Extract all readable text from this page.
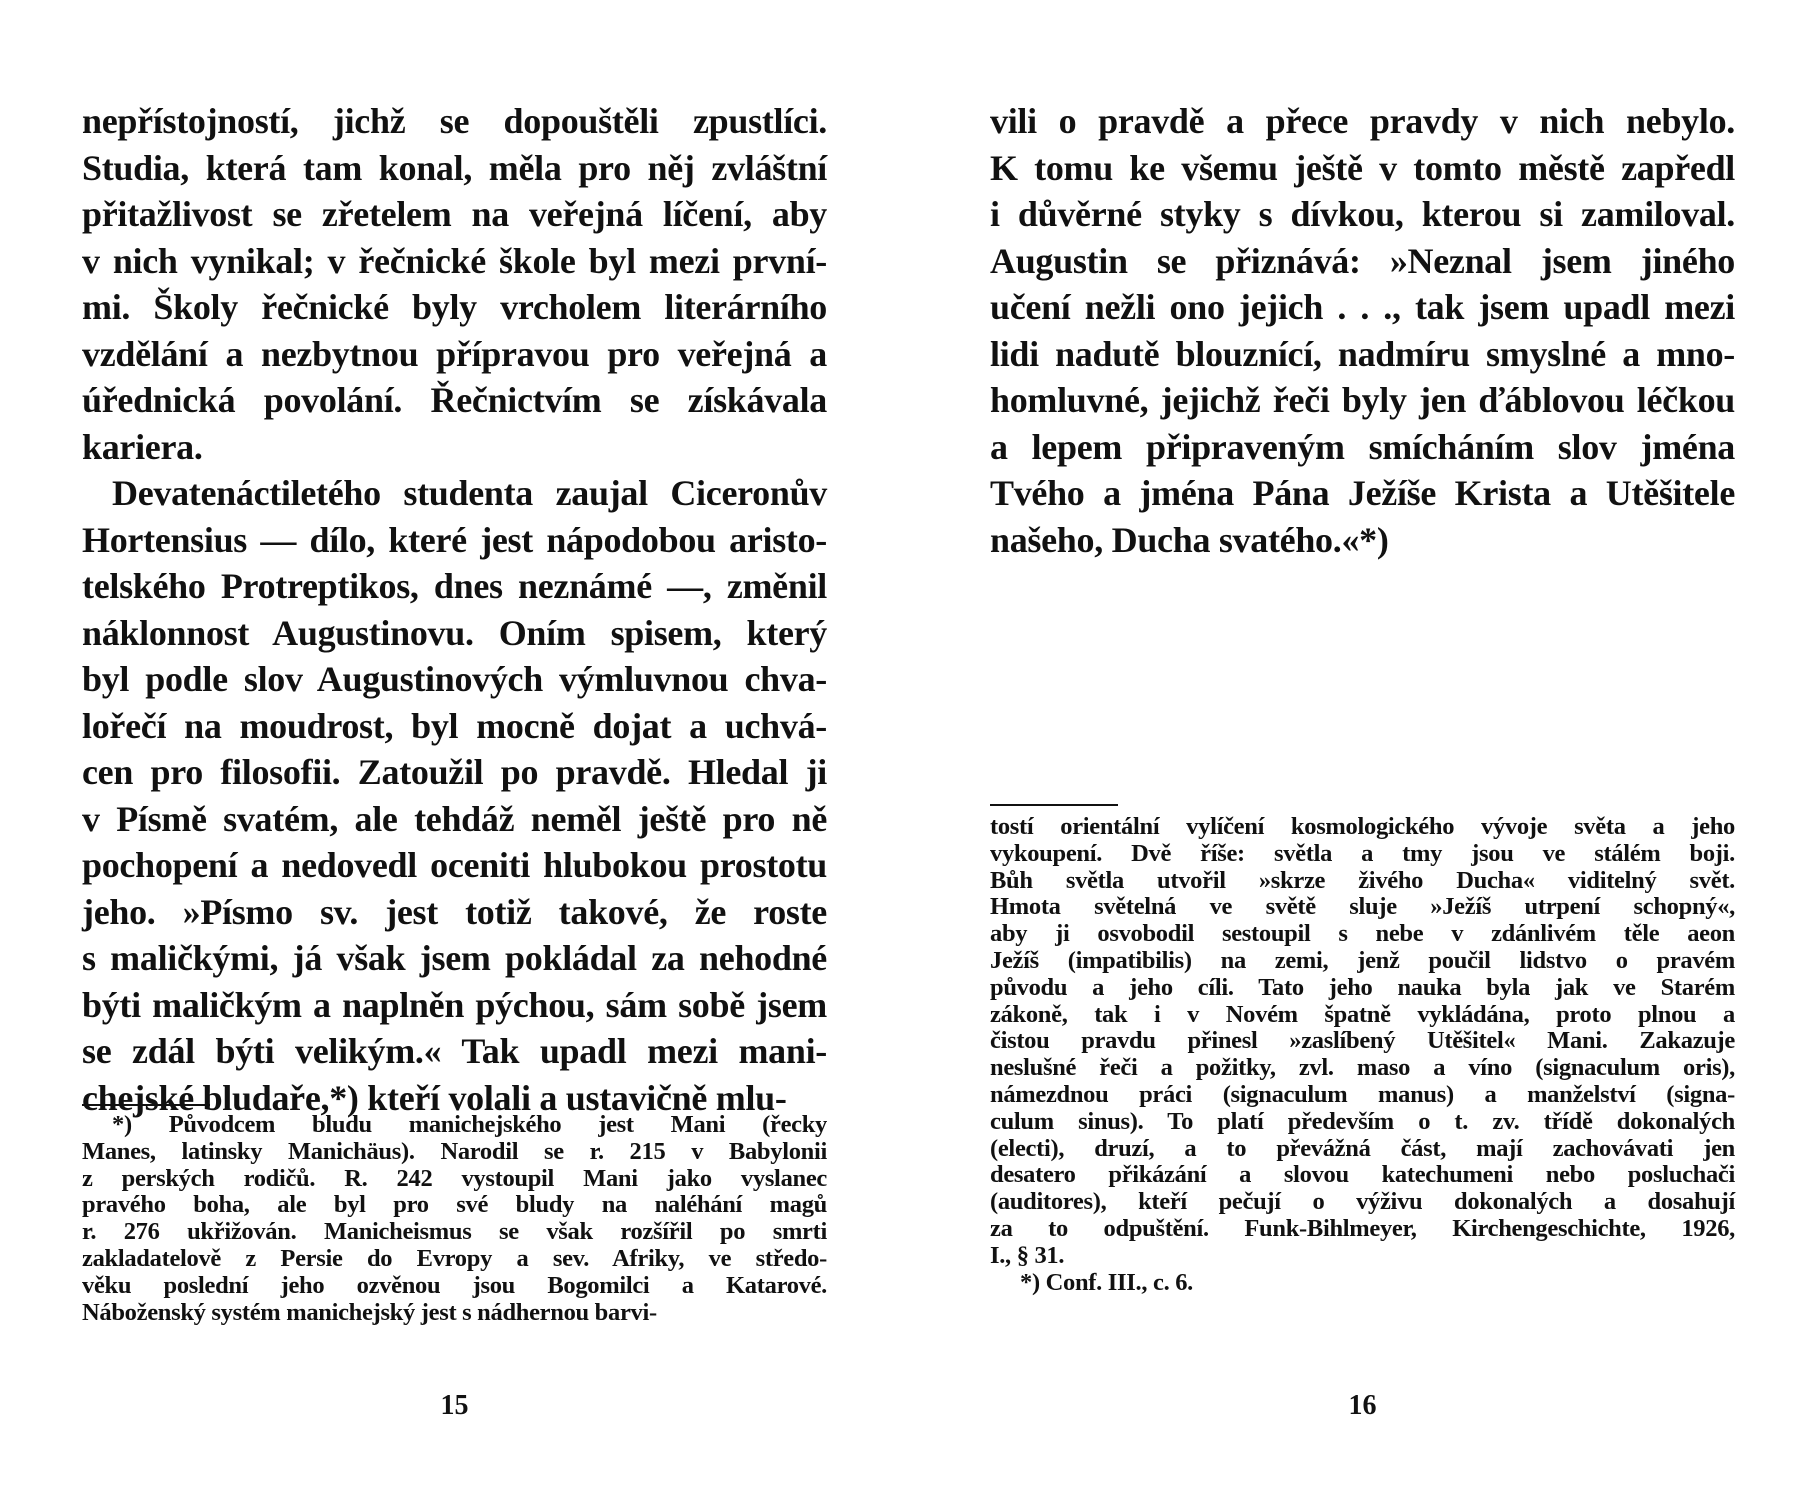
nepřístojností, jichž se dopouštěli zpustlíci.
Studia, která tam konal, měla pro něj zvláštní
přitažlivost se zřetelem na veřejná líčení, aby
v nich vynikal; v řečnické škole byl mezi první-
mi. Školy řečnické byly vrcholem literárního
vzdělání a nezbytnou přípravou pro veřejná a
úřednická povolání. Řečnictvím se získávala
kariera.
Devatenáctiletého studenta zaujal Ciceronův
Hortensius — dílo, které jest nápodobou aristo-
telského Protreptikos, dnes neznámé —, změnil
náklonnost Augustinovu. Oním spisem, který
byl podle slov Augustinových výmluvnou chva-
lořečí na moudrost, byl mocně dojat a uchvá-
cen pro filosofii. Zatoužil po pravdě. Hledal ji
v Písmě svatém, ale tehdáž neměl ještě pro ně
pochopení a nedovedl oceniti hlubokou prostotu
jeho. »Písmo sv. jest totiž takové, že roste
s maličkými, já však jsem pokládal za nehodné
býti maličkým a naplněn pýchou, sám sobě jsem
se zdál býti velikým.« Tak upadl mezi mani-
chejské bludaře,*) kteří volali a ustavičně mlu-
*) Původcem bludu manichejského jest Mani (řecky
Manes, latinsky Manichäus). Narodil se r. 215 v Babylonii
z perských rodičů. R. 242 vystoupil Mani jako vyslanec
pravého boha, ale byl pro své bludy na naléhání magů
r. 276 ukřižován. Manicheismus se však rozšířil po smrti
zakladatelově z Persie do Evropy a sev. Afriky, ve středo-
věku poslední jeho ozvěnou jsou Bogomilci a Katarové.
Náboženský systém manichejský jest s nádhernou barvi-
15
vili o pravdě a přece pravdy v nich nebylo.
K tomu ke všemu ještě v tomto městě zapředl
i důvěrné styky s dívkou, kterou si zamiloval.
Augustin se přiznává: »Neznal jsem jiného
učení nežli ono jejich . . ., tak jsem upadl mezi
lidi nadutě blouznící, nadmíru smyslné a mno-
homluvné, jejichž řeči byly jen ďáblovou léčkou
a lepem připraveným smícháním slov jména
Tvého a jména Pána Ježíše Krista a Utěšitele
našeho, Ducha svatého.«*)
tostí orientální vylíčení kosmologického vývoje světa a jeho
vykoupení. Dvě říše: světla a tmy jsou ve stálém boji.
Bůh světla utvořil »skrze živého Ducha« viditelný svět.
Hmota světelná ve světě sluje »Ježíš utrpení schopný«,
aby ji osvobodil sestoupil s nebe v zdánlivém těle aeon
Ježíš (impatibilis) na zemi, jenž poučil lidstvo o pravém
původu a jeho cíli. Tato jeho nauka byla jak ve Starém
zákoně, tak i v Novém špatně vykládána, proto plnou a
čistou pravdu přinesl »zaslíbený Utěšitel« Mani. Zakazuje
neslušné řeči a požitky, zvl. maso a víno (signaculum oris),
námezdnou práci (signaculum manus) a manželství (signa-
culum sinus). To platí především o t. zv. třídě dokonalých
(electi), druzí, a to převážná část, mají zachovávati jen
desatero přikázání a slovou katechumeni nebo posluchači
(auditores), kteří pečují o výživu dokonalých a dosahují
za to odpuštění. Funk-Bihlmeyer, Kirchengeschichte, 1926,
I., § 31.
*) Conf. III., c. 6.
16
